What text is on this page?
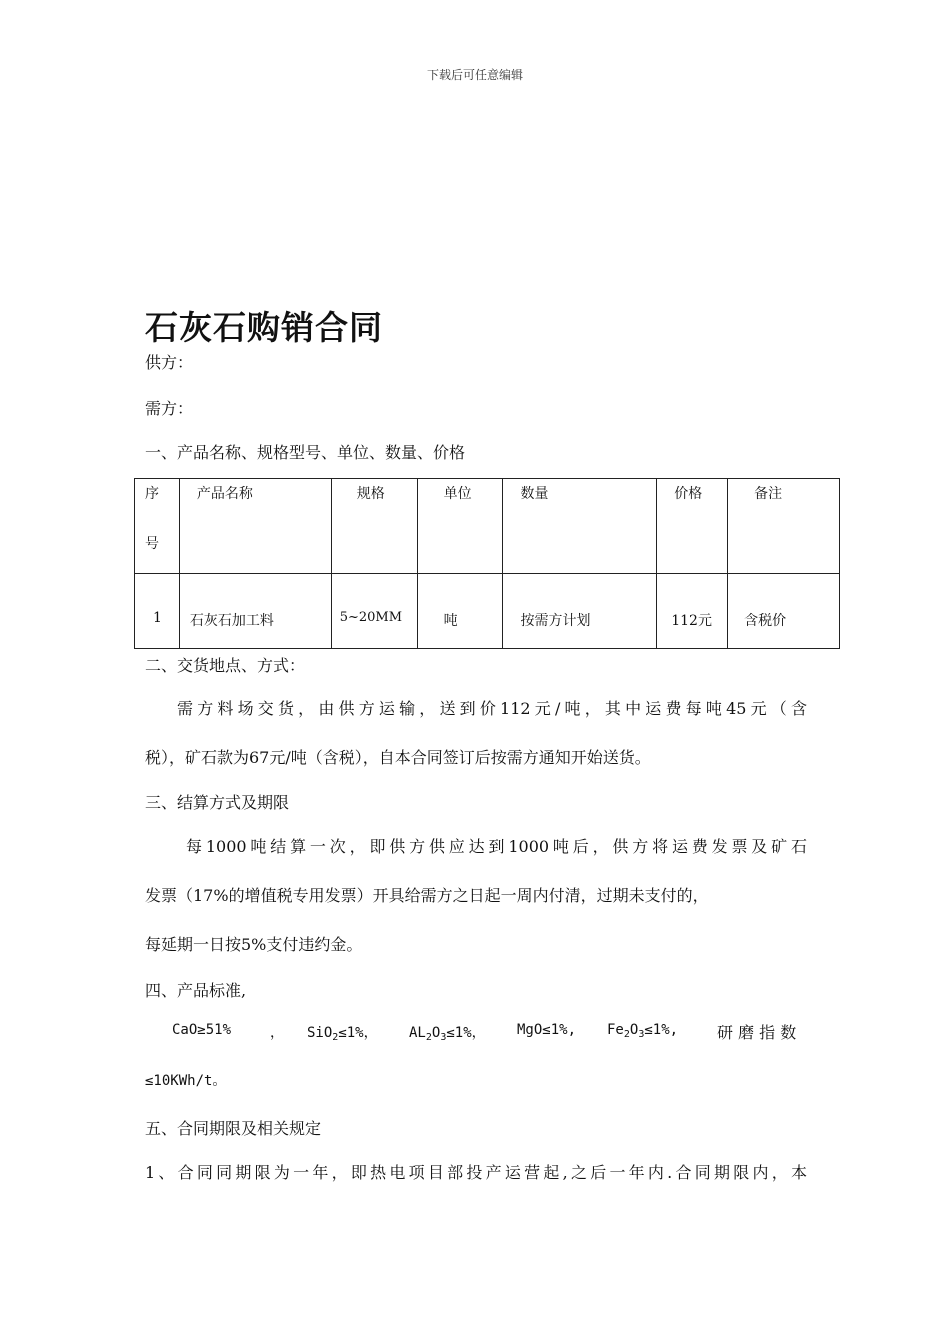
下载后可任意编辑
石灰石购销合同
供方：
需方：
一、产品名称、规格型号、单位、数量、价格
序
号	产品名称	规格	单位	数量	价格	备注

1	石灰石加工料	5~20MM	吨	按需方计划	112元	含税价
二、交货地点、方式：
需方料场交货，由供方运输，送到价112元/吨，其中运费每吨45元（含
税），矿石款为67元/吨（含税），自本合同签订后按需方通知开始送货。
三、结算方式及期限
每1000吨结算一次，即供方供应达到1000吨后，供方将运费发票及矿石
发票（17%的增值税专用发票）开具给需方之日起一周内付清，过期未支付的，
每延期一日按5%支付违约金。
四、产品标准,
CaO≥51%	， SiO$_2$≤1%， $AL_2O_3\le 1\%$， MgO≤1%, $Fe_2O_3\le 1\%$, 研 磨 指 数
≤10KWh/t。
五、合同期限及相关规定
1、合同同期限为一年，即热电项目部投产运营起,之后一年内.合同期限内，本
